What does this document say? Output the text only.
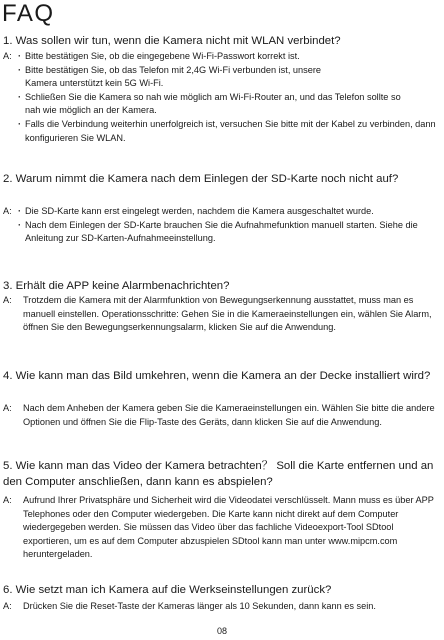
FAQ
1. Was sollen wir tun, wenn die Kamera nicht mit WLAN verbindet?
A:	· Bitte bestätigen Sie, ob die eingegebene Wi-Fi-Passwort korrekt ist.
· Bitte bestätigen Sie, ob das Telefon mit 2,4G Wi-Fi verbunden ist, unsere Kamera unterstützt kein 5G Wi-Fi.
· Schließen Sie die Kamera so nah wie möglich am Wi-Fi-Router an, und das Telefon sollte so nah wie möglich an der Kamera.
· Falls die Verbindung weiterhin unerfolgreich ist, versuchen Sie bitte mit der Kabel zu verbinden, dann konfigurieren Sie WLAN.
2. Warum nimmt die Kamera nach dem Einlegen der SD-Karte noch nicht auf?
A:	· Die SD-Karte kann erst eingelegt werden, nachdem die Kamera ausgeschaltet wurde.
· Nach dem Einlegen der SD-Karte brauchen Sie die Aufnahmefunktion manuell starten. Siehe die Anleitung zur SD-Karten-Aufnahmeeinstellung.
3. Erhält die APP keine Alarmbenachrichten?
A:	Trotzdem die Kamera mit der Alarmfunktion von Bewegungserkennung ausstattet, muss man es manuell einstellen. Operationsschritte: Gehen Sie in die Kameraeinstellungen ein, wählen Sie Alarm, öffnen Sie den Bewegungserkennungsalarm, klicken Sie auf die Anwendung.
4. Wie kann man das Bild umkehren, wenn die Kamera an der Decke installiert wird?
A:	Nach dem Anheben der Kamera geben Sie die Kameraeinstellungen ein. Wählen Sie bitte die andere Optionen und öffnen Sie die Flip-Taste des Geräts, dann klicken Sie auf die Anwendung.
5. Wie kann man das Video der Kamera betrachten？ Soll die Karte entfernen und an den Computer anschließen, dann kann es abspielen?
A:	Aufrund Ihrer Privatsphäre und Sicherheit wird die Videodatei verschlüsselt. Mann muss es über APP Telephones oder den Computer wiedergeben. Die Karte kann nicht direkt auf dem Computer wiedergegeben werden. Sie müssen das Video über das fachliche Videoexport-Tool SDtool exportieren, um es auf dem Computer abzuspielen SDtool kann man unter www.mipcm.com heruntergeladen.
6. Wie setzt man ich Kamera auf die Werkseinstellungen zurück?
A:	Drücken Sie die Reset-Taste der Kameras länger als 10 Sekunden, dann kann es sein.
08
